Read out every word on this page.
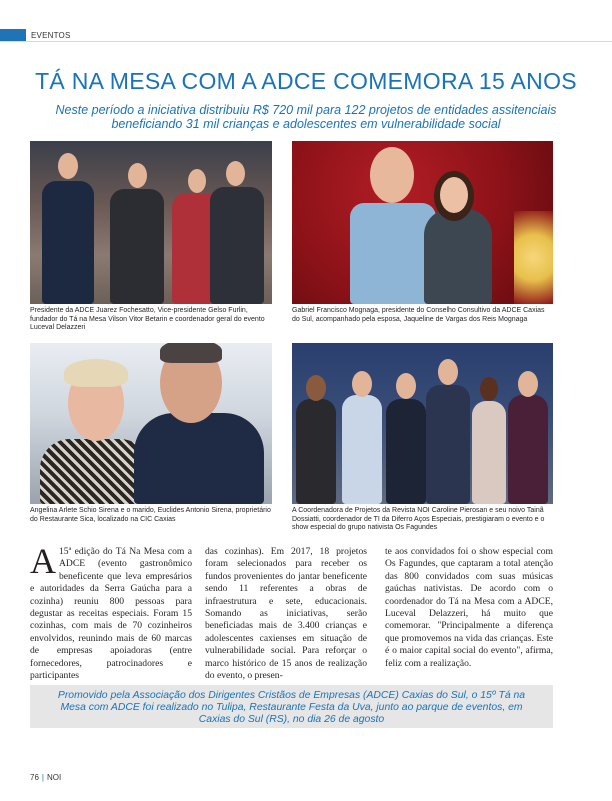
EVENTOS
TÁ NA MESA COM A ADCE COMEMORA 15 ANOS

Neste período a iniciativa distribuiu R$ 720 mil para 122 projetos de entidades assitenciais beneficiando 31 mil crianças e adolescentes em vulnerabilidade social

Presidente da ADCE Juarez Fochesatto, Vice-presidente Gelso Furlin, fundador do Tá na Mesa Vilson Vitor Betarin e coordenador geral do evento Luceval Delazzeri
Gabriel Francisco Mognaga, presidente do Conselho Consultivo da ADCE Caxias do Sul, acompanhado pela esposa, Jaqueline de Vargas dos Reis Mognaga
Angelina Arlete Schio Sirena e o marido, Euclides Antonio Sirena, proprietário do Restaurante Sica, localizado na CIC Caxias
A Coordenadora de Projetos da Revista NOI Caroline Pierosan e seu noivo Tainã Dossiatti, coordenador de TI da Diferro Aços Especiais, prestigiaram o evento e o show especial do grupo nativista Os Fagundes
A 15ª edição do Tá Na Mesa com a ADCE (evento gastronômico beneficente que leva empresários e autoridades da Serra Gaúcha para a cozinha) reuniu 800 pessoas para degustar as receitas especiais. Foram 15 cozinhas, com mais de 70 cozinheiros envolvidos, reunindo mais de 60 marcas de empresas apoiadoras (entre fornecedores, patrocinadores e participantes
das cozinhas). Em 2017, 18 projetos foram selecionados para receber os fundos provenientes do jantar beneficente sendo 11 referentes a obras de infraestrutura e sete, educacionais. Somando as iniciativas, serão beneficiadas mais de 3.400 crianças e adolescentes caxienses em situação de vulnerabilidade social. Para reforçar o marco histórico de 15 anos de realização do evento, o presen-
te aos convidados foi o show especial com Os Fagundes, que captaram a total atenção das 800 convidados com suas músicas gaúchas nativistas. De acordo com o coordenador do Tá na Mesa com a ADCE, Luceval Delazzeri, há muito que comemorar. "Principalmente a diferença que promovemos na vida das crianças. Este é o maior capital social do evento", afirma, feliz com a realização.

Promovido pela Associação dos Dirigentes Cristãos de Empresas (ADCE) Caxias do Sul, o 15º Tá na Mesa com ADCE foi realizado no Tulipa, Restaurante Festa da Uva, junto ao parque de eventos, em Caxias do Sul (RS), no dia 26 de agosto

76 | NOI
